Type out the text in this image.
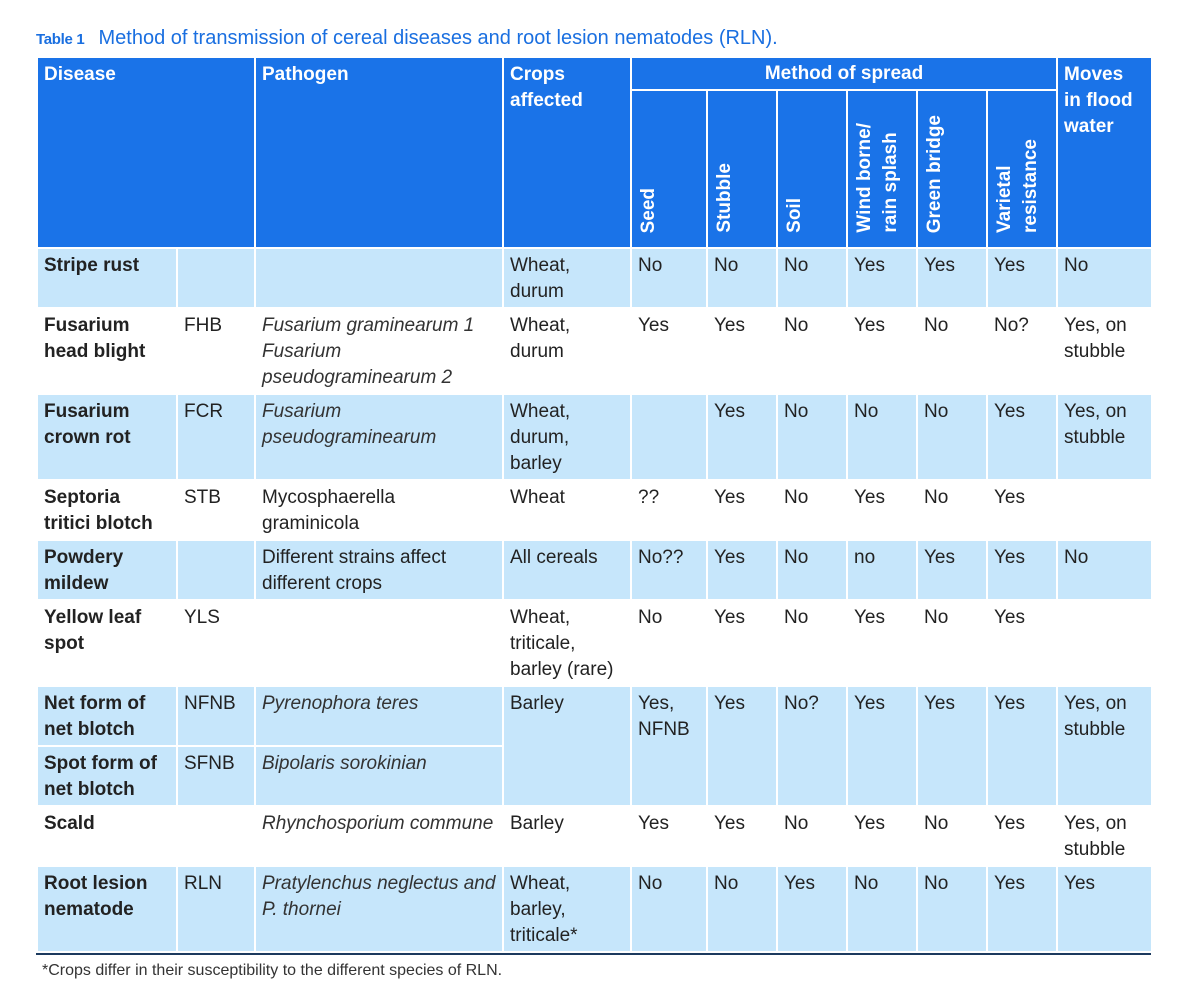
Table 1 Method of transmission of cereal diseases and root lesion nematodes (RLN).
Disease		Pathogen	Crops affected	Method of spread						Moves in flood water
				Seed	Stubble	Soil	Wind borne/ rain splash	Green bridge	Varietal resistance	
Stripe rust			Wheat, durum	No	No	No	Yes	Yes	Yes	No
Fusarium head blight	FHB	Fusarium graminearum 1 Fusarium pseudograminearum 2	Wheat, durum	Yes	Yes	No	Yes	No	No?	Yes, on stubble
Fusarium crown rot	FCR	Fusarium pseudograminearum	Wheat, durum, barley		Yes	No	No	No	Yes	Yes, on stubble
Septoria tritici blotch	STB	Mycosphaerella graminicola	Wheat	??	Yes	No	Yes	No	Yes	
Powdery mildew		Different strains affect different crops	All cereals	No??	Yes	No	no	Yes	Yes	No
Yellow leaf spot	YLS		Wheat, triticale, barley (rare)	No	Yes	No	Yes	No	Yes	
Net form of net blotch	NFNB	Pyrenophora teres	Barley	Yes, NFNB	Yes	No?	Yes	Yes	Yes	Yes, on stubble
Spot form of net blotch	SFNB	Bipolaris sorokinian								
Scald		Rhynchosporium commune	Barley	Yes	Yes	No	Yes	No	Yes	Yes, on stubble
Root lesion nematode	RLN	Pratylenchus neglectus and P. thornei	Wheat, barley, triticale*	No	No	Yes	No	No	Yes	Yes
*Crops differ in their susceptibility to the different species of RLN.
